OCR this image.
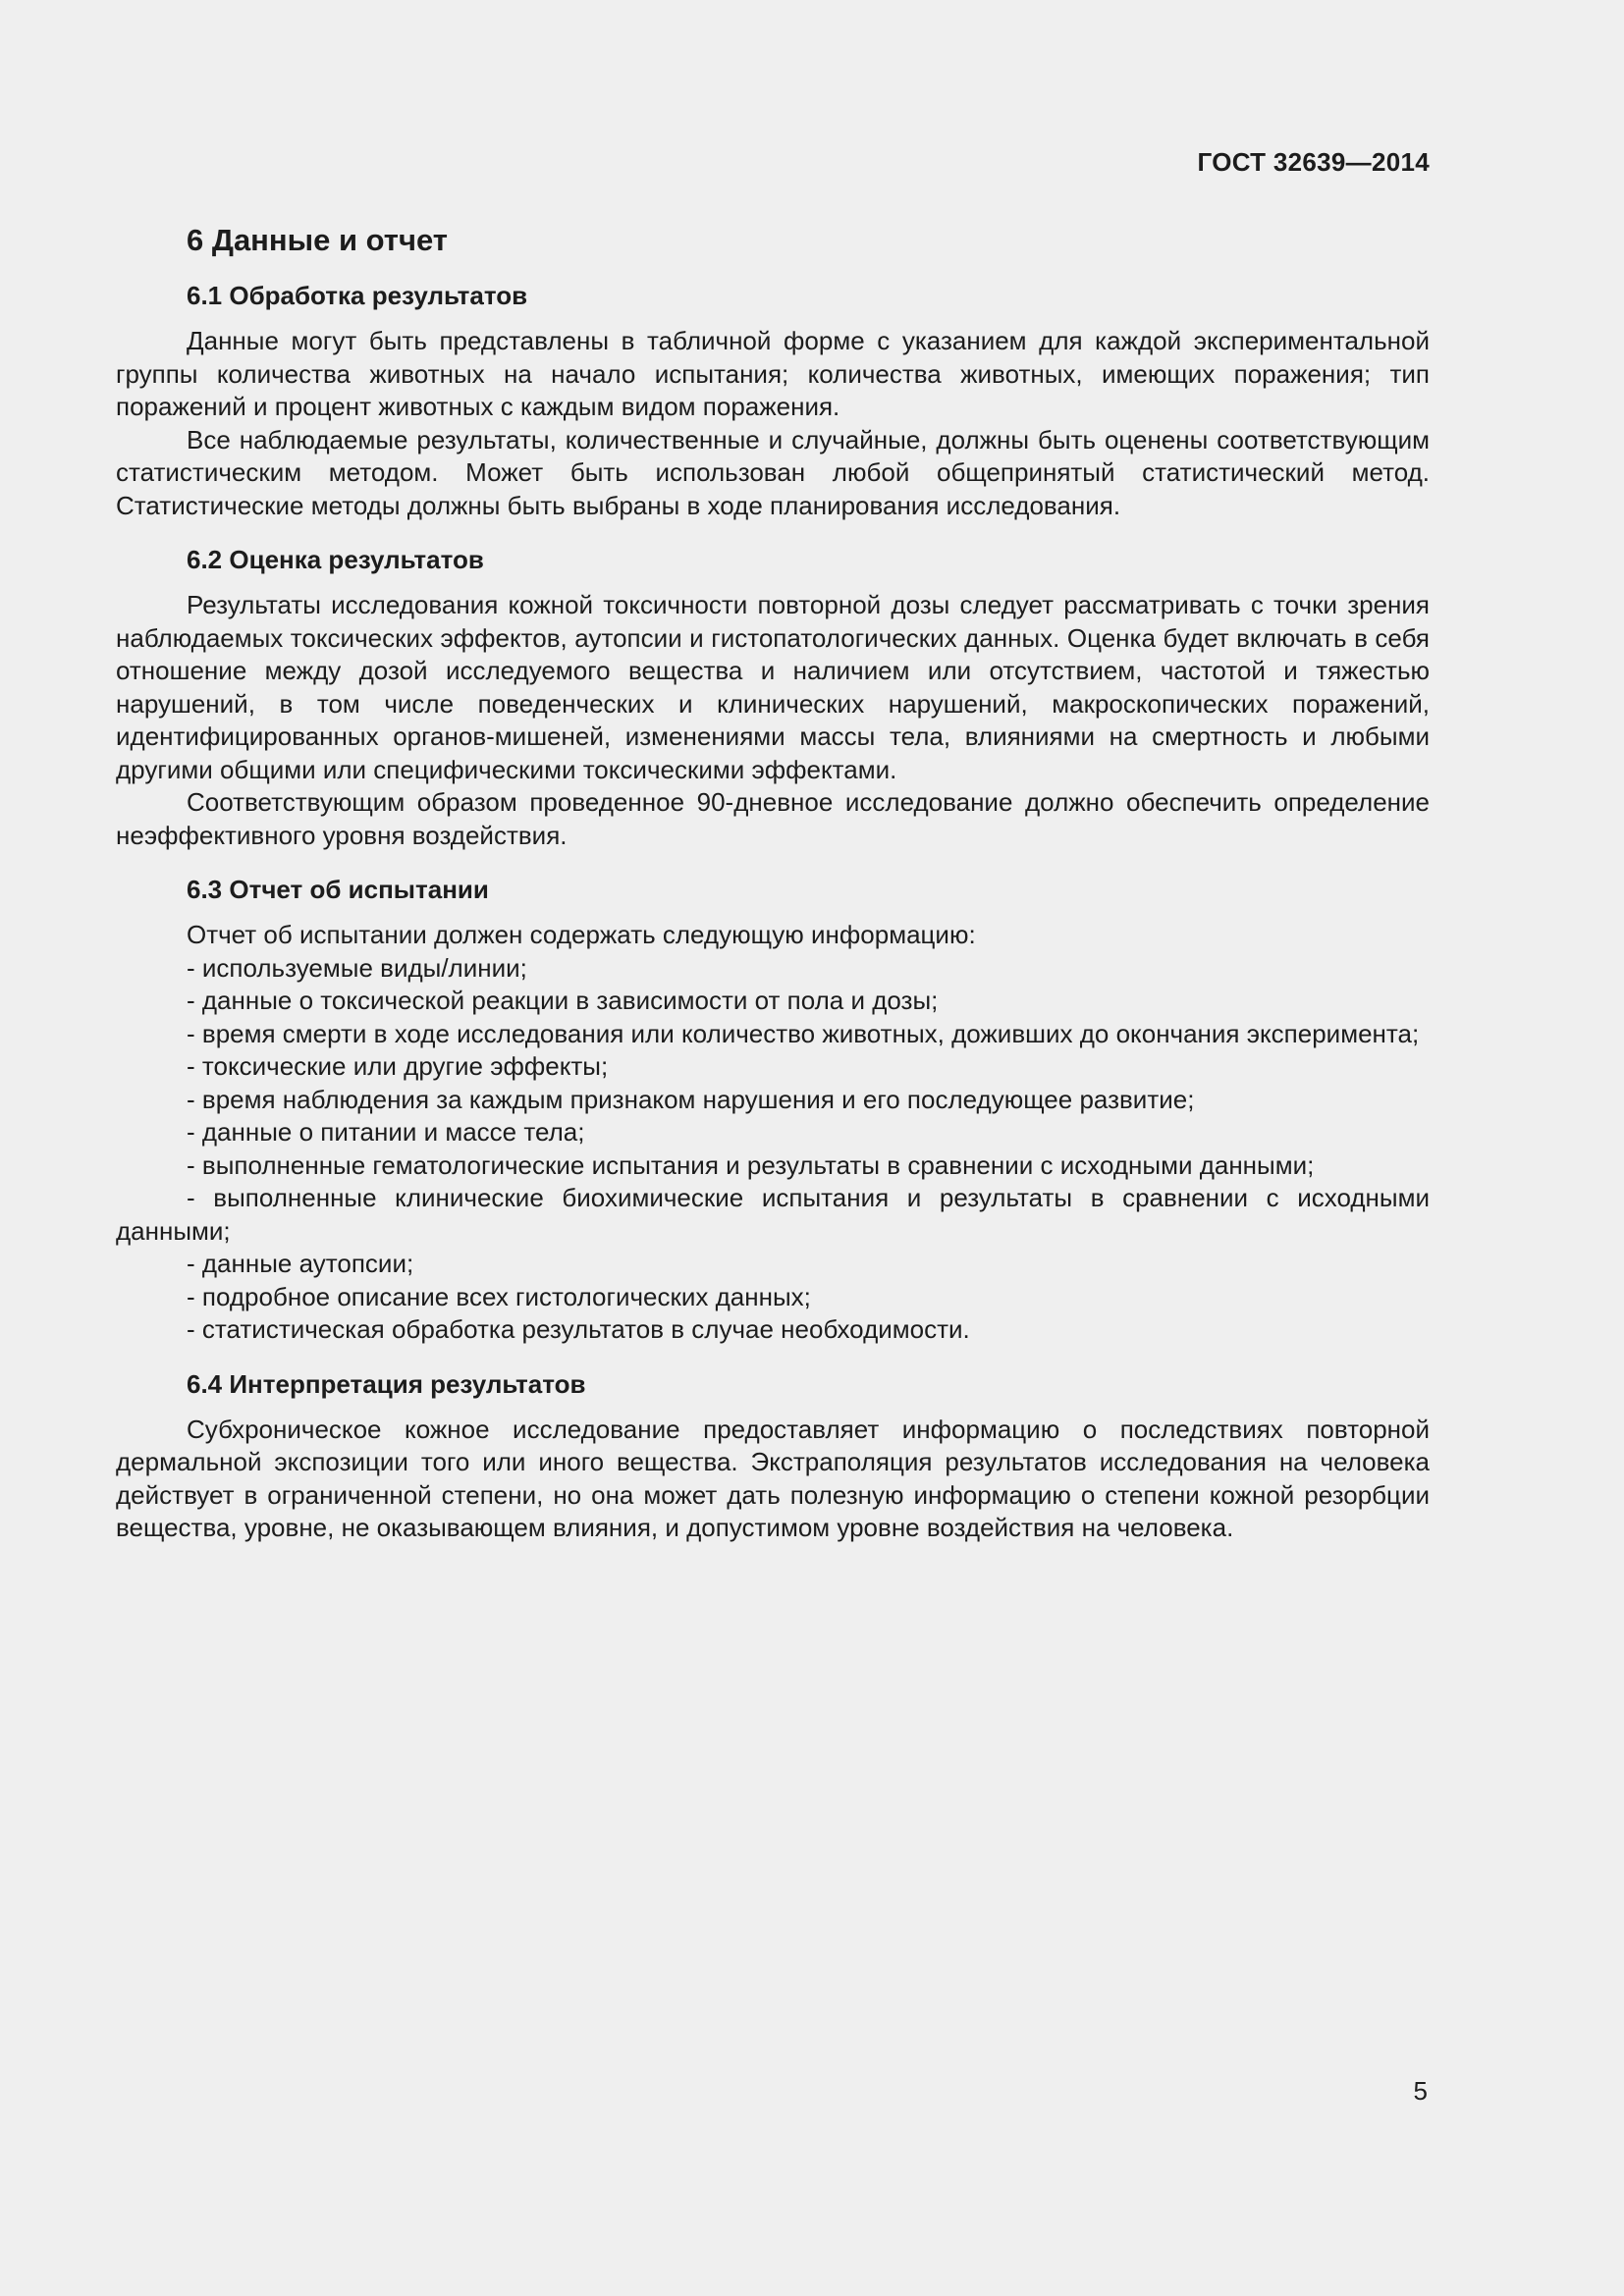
ГОСТ 32639—2014
6 Данные и отчет
6.1 Обработка результатов

Данные могут быть представлены в табличной форме с указанием для каждой экспериментальной группы количества животных на начало испытания; количества животных, имеющих поражения; тип поражений и процент животных с каждым видом поражения.

Все наблюдаемые результаты, количественные и случайные, должны быть оценены соответствующим статистическим методом. Может быть использован любой общепринятый статистический метод. Статистические методы должны быть выбраны в ходе планирования исследования.

6.2 Оценка результатов

Результаты исследования кожной токсичности повторной дозы следует рассматривать с точки зрения наблюдаемых токсических эффектов, аутопсии и гистопатологических данных. Оценка будет включать в себя отношение между дозой исследуемого вещества и наличием или отсутствием, частотой и тяжестью нарушений, в том числе поведенческих и клинических нарушений, макроскопических поражений, идентифицированных органов-мишеней, изменениями массы тела, влияниями на смертность и любыми другими общими или специфическими токсическими эффектами.

Соответствующим образом проведенное 90-дневное исследование должно обеспечить определение неэффективного уровня воздействия.

6.3 Отчет об испытании

Отчет об испытании должен содержать следующую информацию:

- используемые виды/линии;

- данные о токсической реакции в зависимости от пола и дозы;

- время смерти в ходе исследования или количество животных, доживших до окончания эксперимента;

- токсические или другие эффекты;

- время наблюдения за каждым признаком нарушения и его последующее развитие;

- данные о питании и массе тела;

- выполненные гематологические испытания и результаты в сравнении с исходными данными;

- выполненные клинические биохимические испытания и результаты в сравнении с исходными данными;

- данные аутопсии;

- подробное описание всех гистологических данных;

- статистическая обработка результатов в случае необходимости.

6.4 Интерпретация результатов

Субхроническое кожное исследование предоставляет информацию о последствиях повторной дермальной экспозиции того или иного вещества. Экстраполяция результатов исследования на человека действует в ограниченной степени, но она может дать полезную информацию о степени кожной резорбции вещества, уровне, не оказывающем влияния, и допустимом уровне воздействия на человека.

5
